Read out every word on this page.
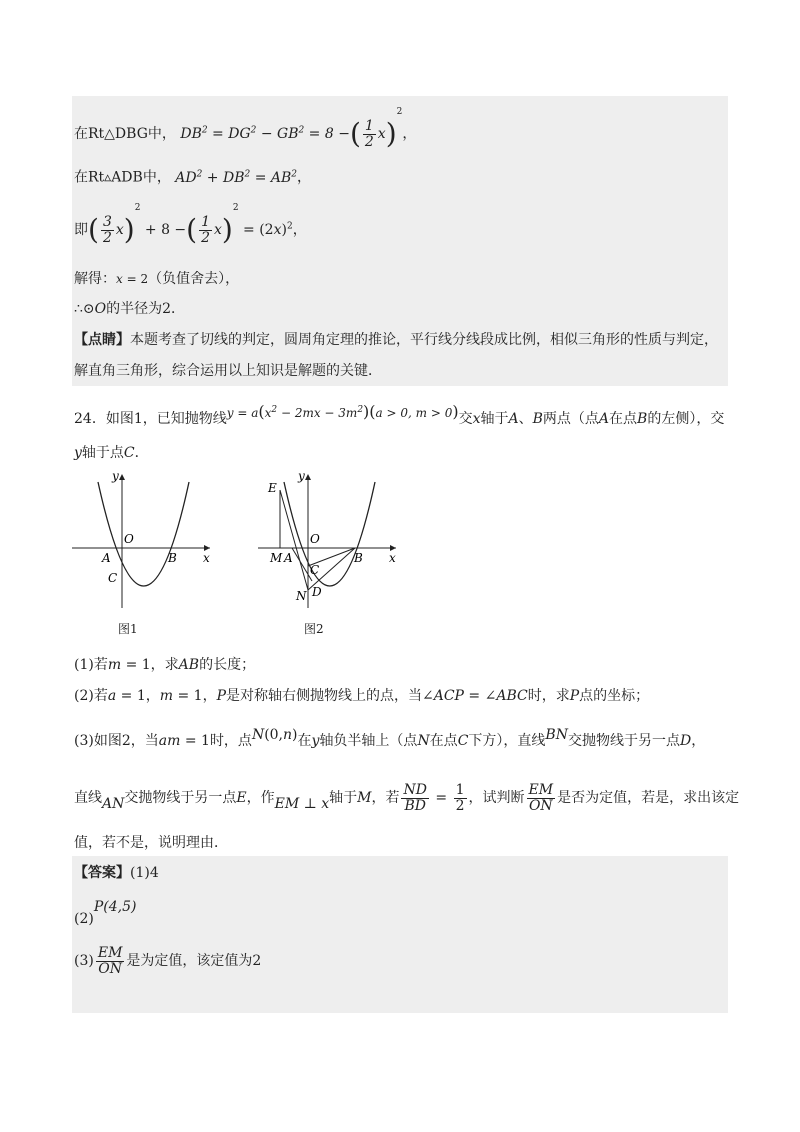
在Rt△DBG中， $DB^2 = DG^2 - GB^2 = 8$ −( $\frac{1}{2} x)^2$，
在Rt▵ADB中， $AD^2 + DB^2 = AB^2$，
即( $\frac{3}{2} x)^2 + 8$ −( $\frac{1}{2} x)^2 = (2x)^2$，
解得：x = 2（负值舍去），
∴⊙O的半径为2．
【点睛】本题考查了切线的判定，圆周角定理的推论，平行线分线段成比例，相似三角形的性质与判定，
解直角三角形，综合运用以上知识是解题的关键．
24．如图1，已知抛物线$y = a(x^2 - 2mx - 3m^2)(a > 0$, m > 0)交x轴于A、B两点（点A在点B的左侧），交
y轴于点C．
y
x
O
A	B
C
图1
y
x
E
O
M A	B
C
N D
图2
(1)若m = 1，求AB的长度；
(2)若a = 1，m = 1，P是对称轴右侧抛物线上的点，当∠ACP = ∠ABC时，求P点的坐标；
(3)如图2，当am = 1时，点N(0,n)在y轴负半轴上（点N在点C下方），直线BN交抛物线于另一点D，
直线AN交抛物线于另一点E，作EM ⊥ x轴于M，若 $\frac{ND}{BD} = \frac{1}{2}$ ，试判断 $\frac{EM}{ON}$ 是否为定值，若是，求出该定
值，若不是，说明理由．
【答案】(1)4
(2)P(4,5)
$(3) \frac{EM}{ON}$ 是为定值，该定值为2
